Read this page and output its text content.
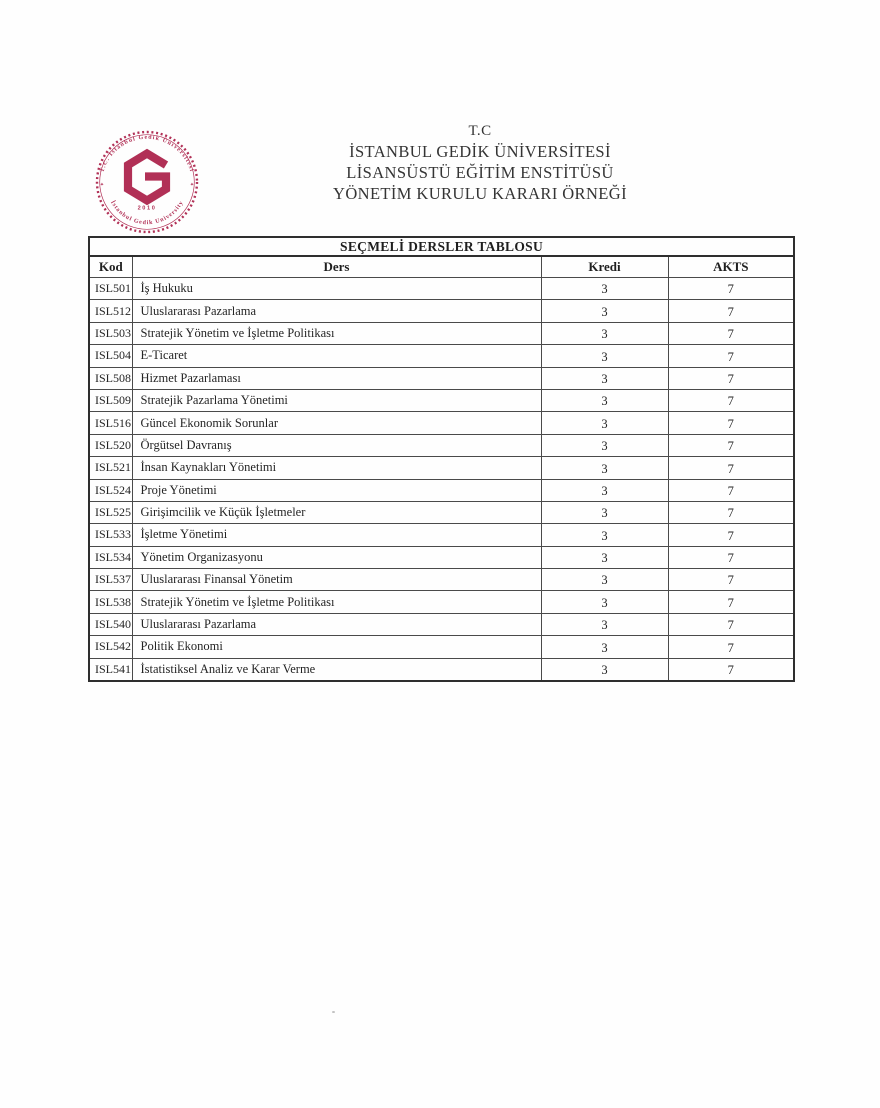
T.C. İstanbul Gedik Üniversitesi
İstanbul Gedik University
✦	✦
2010
T.C
İSTANBUL GEDİK ÜNİVERSİTESİ
LİSANSÜSTÜ EĞİTİM ENSTİTÜSÜ
YÖNETİM KURULU KARARI ÖRNEĞİ
SEÇMELİ DERSLER TABLOSU			
Kod	Ders	Kredi	AKTS
ISL501	İş Hukuku	3	7
ISL512	Uluslararası Pazarlama	3	7
ISL503	Stratejik Yönetim ve İşletme Politikası	3	7
ISL504	E-Ticaret	3	7
ISL508	Hizmet Pazarlaması	3	7
ISL509	Stratejik Pazarlama Yönetimi	3	7
ISL516	Güncel Ekonomik Sorunlar	3	7
ISL520	Örgütsel Davranış	3	7
ISL521	İnsan Kaynakları Yönetimi	3	7
ISL524	Proje Yönetimi	3	7
ISL525	Girişimcilik ve Küçük İşletmeler	3	7
ISL533	İşletme Yönetimi	3	7
ISL534	Yönetim Organizasyonu	3	7
ISL537	Uluslararası Finansal Yönetim	3	7
ISL538	Stratejik Yönetim ve İşletme Politikası	3	7
ISL540	Uluslararası Pazarlama	3	7
ISL542	Politik Ekonomi	3	7
ISL541	İstatistiksel Analiz ve Karar Verme	3	7
